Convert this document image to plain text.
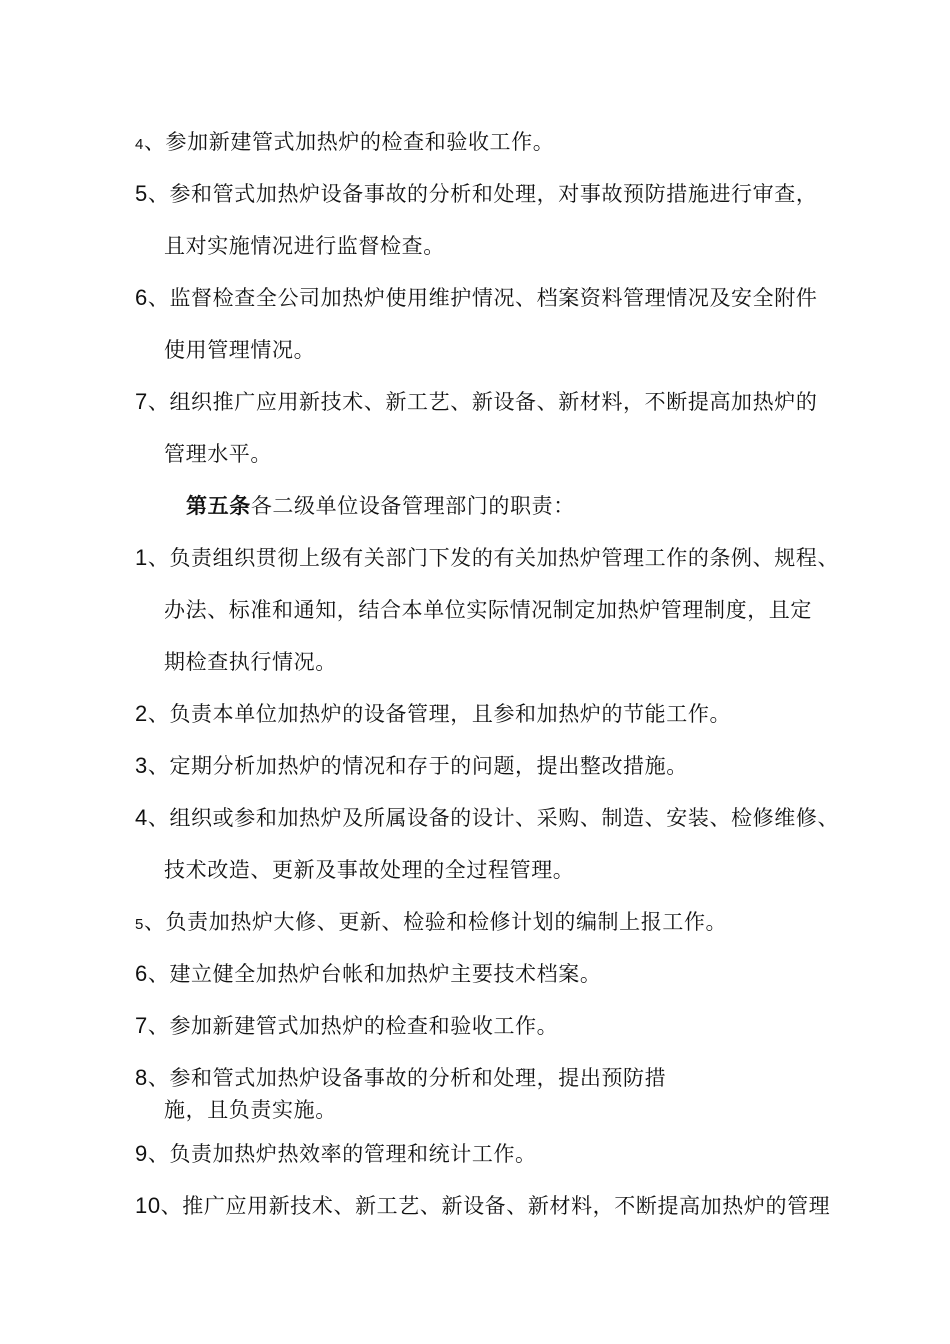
4、参加新建管式加热炉的检查和验收工作。
5、参和管式加热炉设备事故的分析和处理，对事故预防措施进行审查，
且对实施情况进行监督检查。
6、监督检查全公司加热炉使用维护情况、档案资料管理情况及安全附件
使用管理情况。
7、组织推广应用新技术、新工艺、新设备、新材料，不断提高加热炉的
管理水平。
第五条各二级单位设备管理部门的职责：
1、负责组织贯彻上级有关部门下发的有关加热炉管理工作的条例、规程、
办法、标准和通知，结合本单位实际情况制定加热炉管理制度，且定
期检查执行情况。
2、负责本单位加热炉的设备管理，且参和加热炉的节能工作。
3、定期分析加热炉的情况和存于的问题，提出整改措施。
4、组织或参和加热炉及所属设备的设计、采购、制造、安装、检修维修、
技术改造、更新及事故处理的全过程管理。
5、负责加热炉大修、更新、检验和检修计划的编制上报工作。
6、建立健全加热炉台帐和加热炉主要技术档案。
7、参加新建管式加热炉的检查和验收工作。
8、参和管式加热炉设备事故的分析和处理，提出预防措
施，且负责实施。
9、负责加热炉热效率的管理和统计工作。
10、推广应用新技术、新工艺、新设备、新材料，不断提高加热炉的管理
